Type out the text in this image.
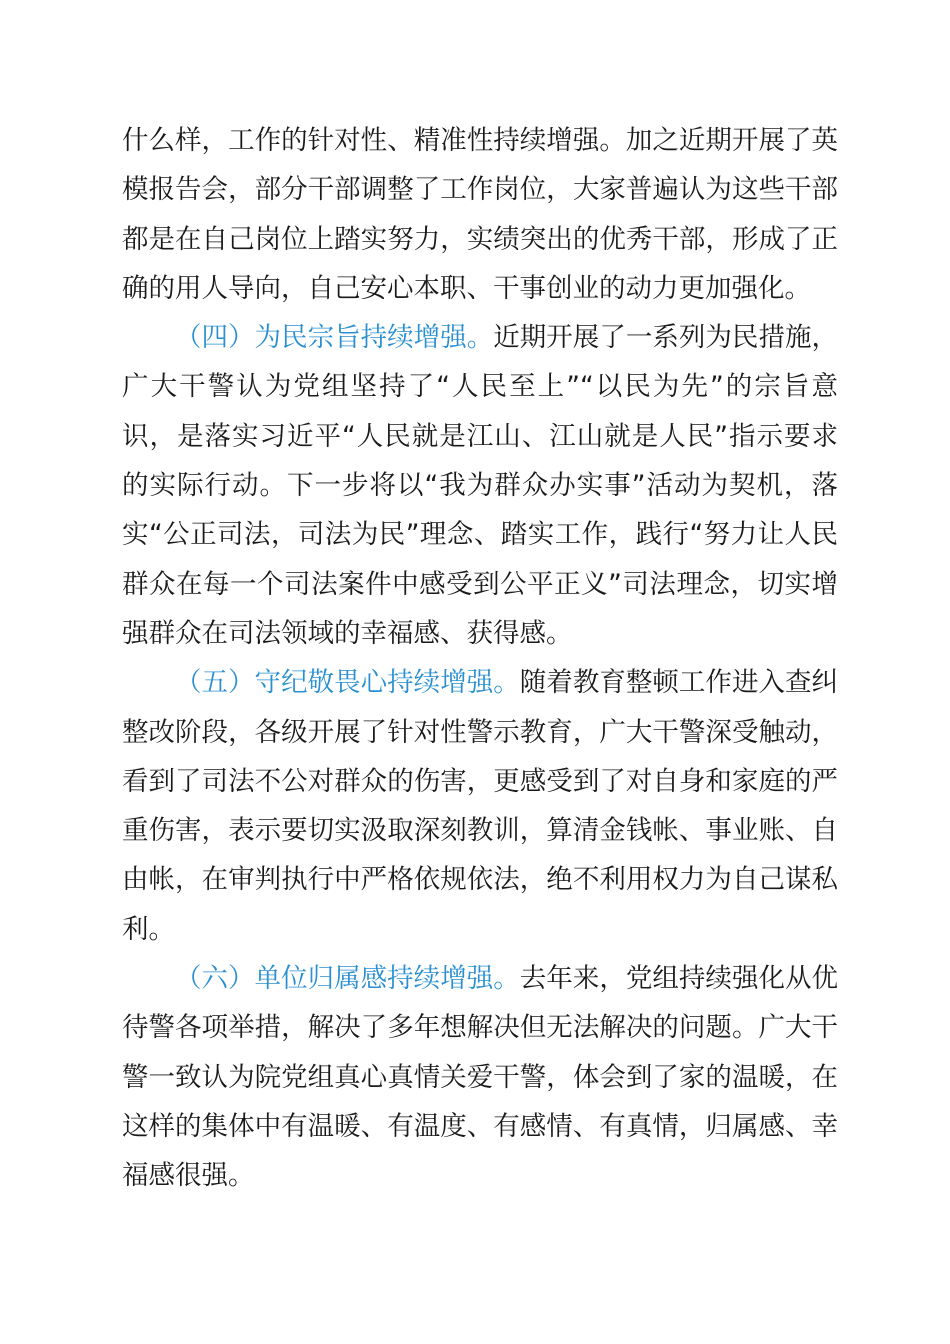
什么样，工作的针对性、精准性持续增强。加之近期开展了英模报告会，部分干部调整了工作岗位，大家普遍认为这些干部都是在自己岗位上踏实努力，实绩突出的优秀干部，形成了正确的用人导向，自己安心本职、干事创业的动力更加强化。

（四）为民宗旨持续增强。近期开展了一系列为民措施，广大干警认为党组坚持了“人民至上”“以民为先”的宗旨意识，是落实习近平“人民就是江山、江山就是人民”指示要求的实际行动。下一步将以“我为群众办实事”活动为契机，落实“公正司法，司法为民”理念、踏实工作，践行“努力让人民群众在每一个司法案件中感受到公平正义”司法理念，切实增强群众在司法领域的幸福感、获得感。

（五）守纪敬畏心持续增强。随着教育整顿工作进入查纠整改阶段，各级开展了针对性警示教育，广大干警深受触动，看到了司法不公对群众的伤害，更感受到了对自身和家庭的严重伤害，表示要切实汲取深刻教训，算清金钱帐、事业账、自由帐，在审判执行中严格依规依法，绝不利用权力为自己谋私利。

（六）单位归属感持续增强。去年来，党组持续强化从优待警各项举措，解决了多年想解决但无法解决的问题。广大干警一致认为院党组真心真情关爱干警，体会到了家的温暖，在这样的集体中有温暖、有温度、有感情、有真情，归属感、幸福感很强。
